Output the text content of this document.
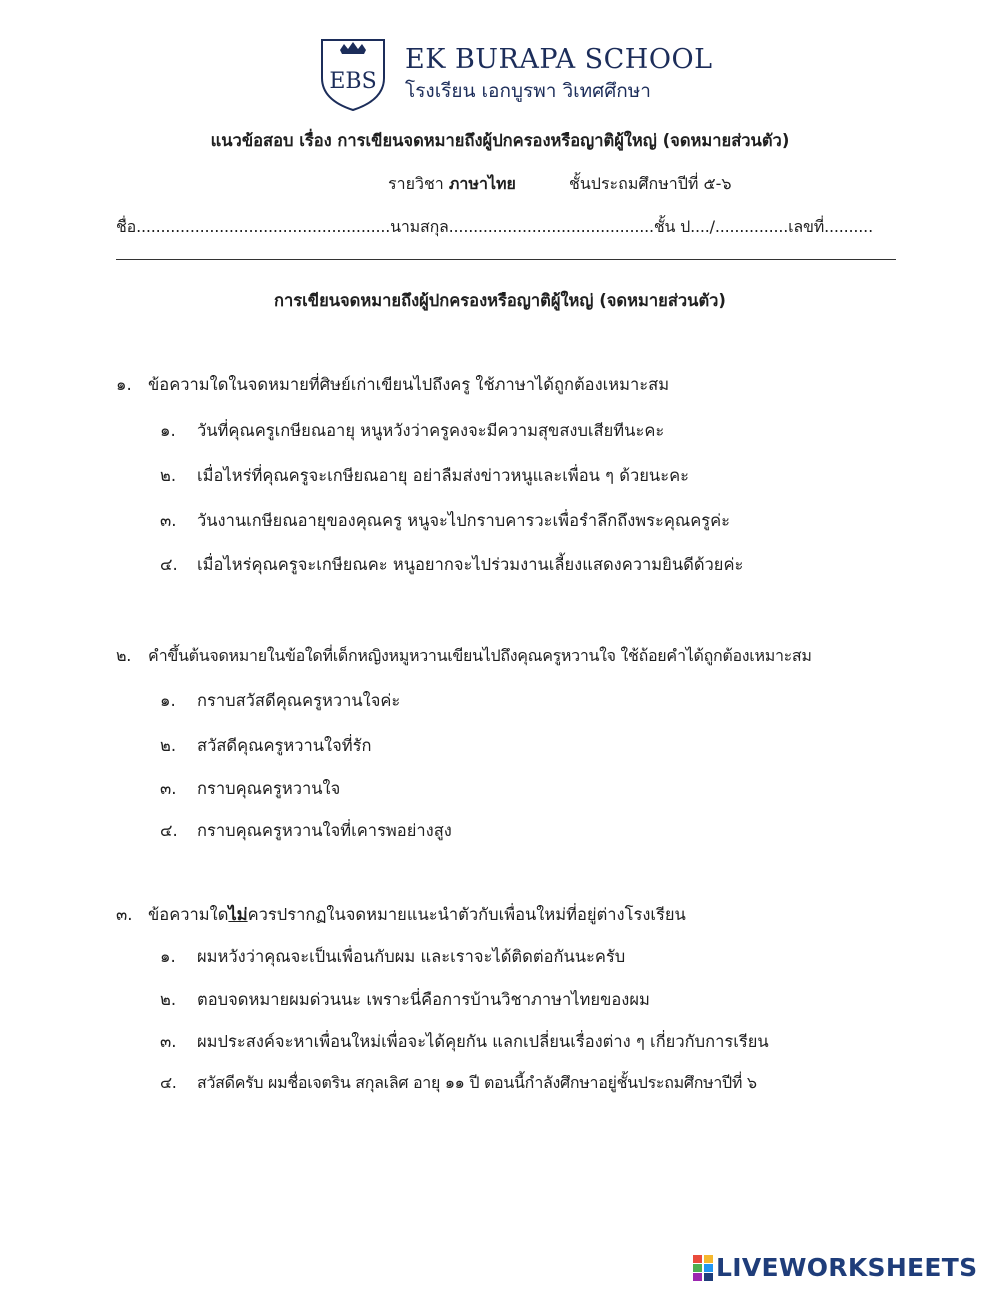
EBS
EK BURAPA SCHOOL
โรงเรียน เอกบูรพา วิเทศศึกษา
แนวข้อสอบ เรื่อง การเขียนจดหมายถึงผู้ปกครองหรือญาติผู้ใหญ่ (จดหมายส่วนตัว)
รายวิชา ภาษาไทย	ชั้นประถมศึกษาปีที่ ๕-๖
ชื่อ....................................................นามสกุล..........................................ชั้น ป..../...............เลขที่..........
การเขียนจดหมายถึงผู้ปกครองหรือญาติผู้ใหญ่ (จดหมายส่วนตัว)
๑. ข้อความใดในจดหมายที่ศิษย์เก่าเขียนไปถึงครู ใช้ภาษาได้ถูกต้องเหมาะสม
๑. วันที่คุณครูเกษียณอายุ หนูหวังว่าครูคงจะมีความสุขสงบเสียทีนะคะ
๒. เมื่อไหร่ที่คุณครูจะเกษียณอายุ อย่าลืมส่งข่าวหนูและเพื่อน ๆ ด้วยนะคะ
๓. วันงานเกษียณอายุของคุณครู หนูจะไปกราบคารวะเพื่อรำลึกถึงพระคุณครูค่ะ
๔. เมื่อไหร่คุณครูจะเกษียณคะ หนูอยากจะไปร่วมงานเลี้ยงแสดงความยินดีด้วยค่ะ
๒. คำขึ้นต้นจดหมายในข้อใดที่เด็กหญิงหมูหวานเขียนไปถึงคุณครูหวานใจ ใช้ถ้อยคำได้ถูกต้องเหมาะสม
๑. กราบสวัสดีคุณครูหวานใจค่ะ
๒. สวัสดีคุณครูหวานใจที่รัก
๓. กราบคุณครูหวานใจ
๔. กราบคุณครูหวานใจที่เคารพอย่างสูง
๓. ข้อความใดไม่ควรปรากฏในจดหมายแนะนำตัวกับเพื่อนใหม่ที่อยู่ต่างโรงเรียน
๑. ผมหวังว่าคุณจะเป็นเพื่อนกับผม และเราจะได้ติดต่อกันนะครับ
๒. ตอบจดหมายผมด่วนนะ เพราะนี่คือการบ้านวิชาภาษาไทยของผม
๓. ผมประสงค์จะหาเพื่อนใหม่เพื่อจะได้คุยกัน แลกเปลี่ยนเรื่องต่าง ๆ เกี่ยวกับการเรียน
๔. สวัสดีครับ ผมชื่อเจตริน สกุลเลิศ อายุ ๑๑ ปี ตอนนี้กำลังศึกษาอยู่ชั้นประถมศึกษาปีที่ ๖
LIVEWORKSHEETS
